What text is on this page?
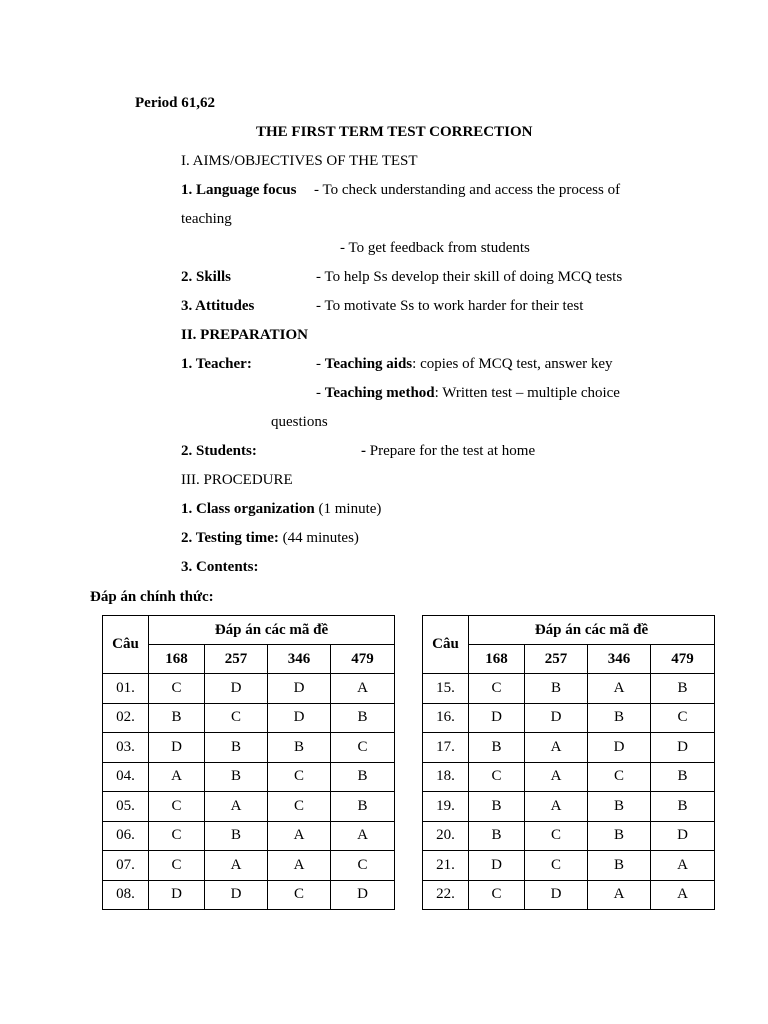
Period 61,62
THE FIRST TERM TEST CORRECTION
I. AIMS/OBJECTIVES OF THE TEST
1. Language focus - To check understanding and access the process of
teaching
- To get feedback from students
2. Skills	- To help Ss develop their skill of doing MCQ tests
3. Attitudes	- To motivate Ss to work harder for their test
II. PREPARATION
1. Teacher:	- Teaching aids: copies of MCQ test, answer key
- Teaching method: Written test – multiple choice
questions
2. Students:	- Prepare for the test at home
III. PROCEDURE
1. Class organization (1 minute)
2. Testing time: (44 minutes)
3. Contents:
Đáp án chính thức:
Câu	Đáp án các mã đề			
	168	257	346	479
01.	C	D	D	A
02.	B	C	D	B
03.	D	B	B	C
04.	A	B	C	B
05.	C	A	C	B
06.	C	B	A	A
07.	C	A	A	C
08.	D	D	C	D
Câu	Đáp án các mã đề			
	168	257	346	479
15.	C	B	A	B
16.	D	D	B	C
17.	B	A	D	D
18.	C	A	C	B
19.	B	A	B	B
20.	B	C	B	D
21.	D	C	B	A
22.	C	D	A	A
